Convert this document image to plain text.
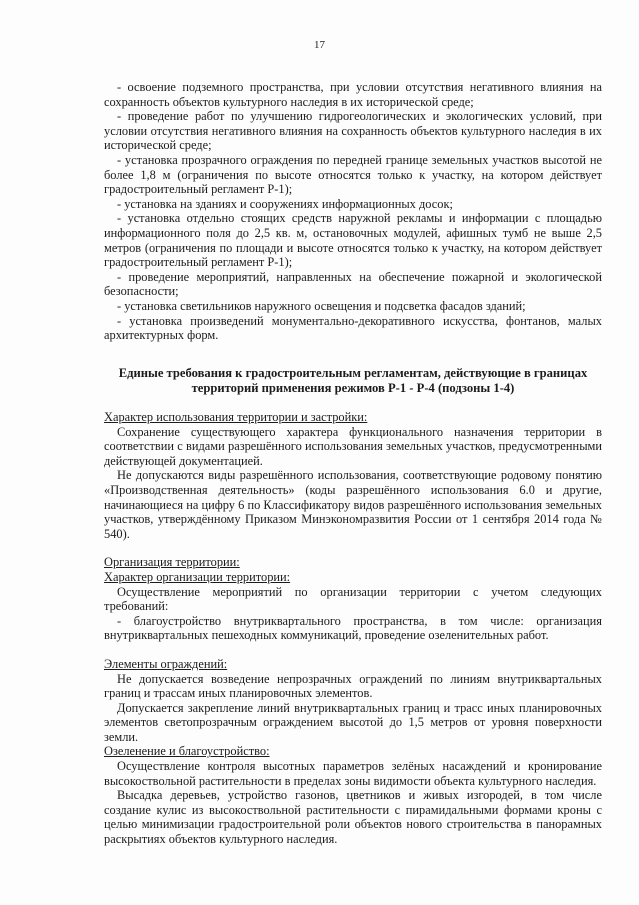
17

- освоение подземного пространства, при условии отсутствия негативного влияния на сохранность объектов культурного наследия в их исторической среде;

- проведение работ по улучшению гидрогеологических и экологических условий, при условии отсутствия негативного влияния на сохранность объектов культурного наследия в их исторической среде;

- установка прозрачного ограждения по передней границе земельных участков высотой не более 1,8 м (ограничения по высоте относятся только к участку, на котором действует градостроительный регламент Р-1);

- установка на зданиях и сооружениях информационных досок;

- установка отдельно стоящих средств наружной рекламы и информации с площадью информационного поля до 2,5 кв. м, остановочных модулей, афишных тумб не выше 2,5 метров (ограничения по площади и высоте относятся только к участку, на котором действует градостроительный регламент Р-1);

- проведение мероприятий, направленных на обеспечение пожарной и экологической безопасности;

- установка светильников наружного освещения и подсветка фасадов зданий;

- установка произведений монументально-декоративного искусства, фонтанов, малых архитектурных форм.

Единые требования к градостроительным регламентам, действующие в границах территорий применения режимов Р-1 - Р-4 (подзоны 1-4)

Характер использования территории и застройки:

Сохранение существующего характера функционального назначения территории в соответствии с видами разрешённого использования земельных участков, предусмотренными действующей документацией.

Не допускаются виды разрешённого использования, соответствующие родовому понятию «Производственная деятельность» (коды разрешённого использования 6.0 и другие, начинающиеся на цифру 6 по Классификатору видов разрешённого использования земельных участков, утверждённому Приказом Минэкономразвития России от 1 сентября 2014 года № 540).

Организация территории:

Характер организации территории:

Осуществление мероприятий по организации территории с учетом следующих требований:

- благоустройство внутриквартального пространства, в том числе: организация внутриквартальных пешеходных коммуникаций, проведение озеленительных работ.

Элементы ограждений:

Не допускается возведение непрозрачных ограждений по линиям внутриквартальных границ и трассам иных планировочных элементов.

Допускается закрепление линий внутриквартальных границ и трасс иных планировочных элементов светопрозрачным ограждением высотой до 1,5 метров от уровня поверхности земли.

Озеленение и благоустройство:

Осуществление контроля высотных параметров зелёных насаждений и кронирование высокоствольной растительности в пределах зоны видимости объекта культурного наследия.

Высадка деревьев, устройство газонов, цветников и живых изгородей, в том числе создание кулис из высокоствольной растительности с пирамидальными формами кроны с целью минимизации градостроительной роли объектов нового строительства в панорамных раскрытиях объектов культурного наследия.
